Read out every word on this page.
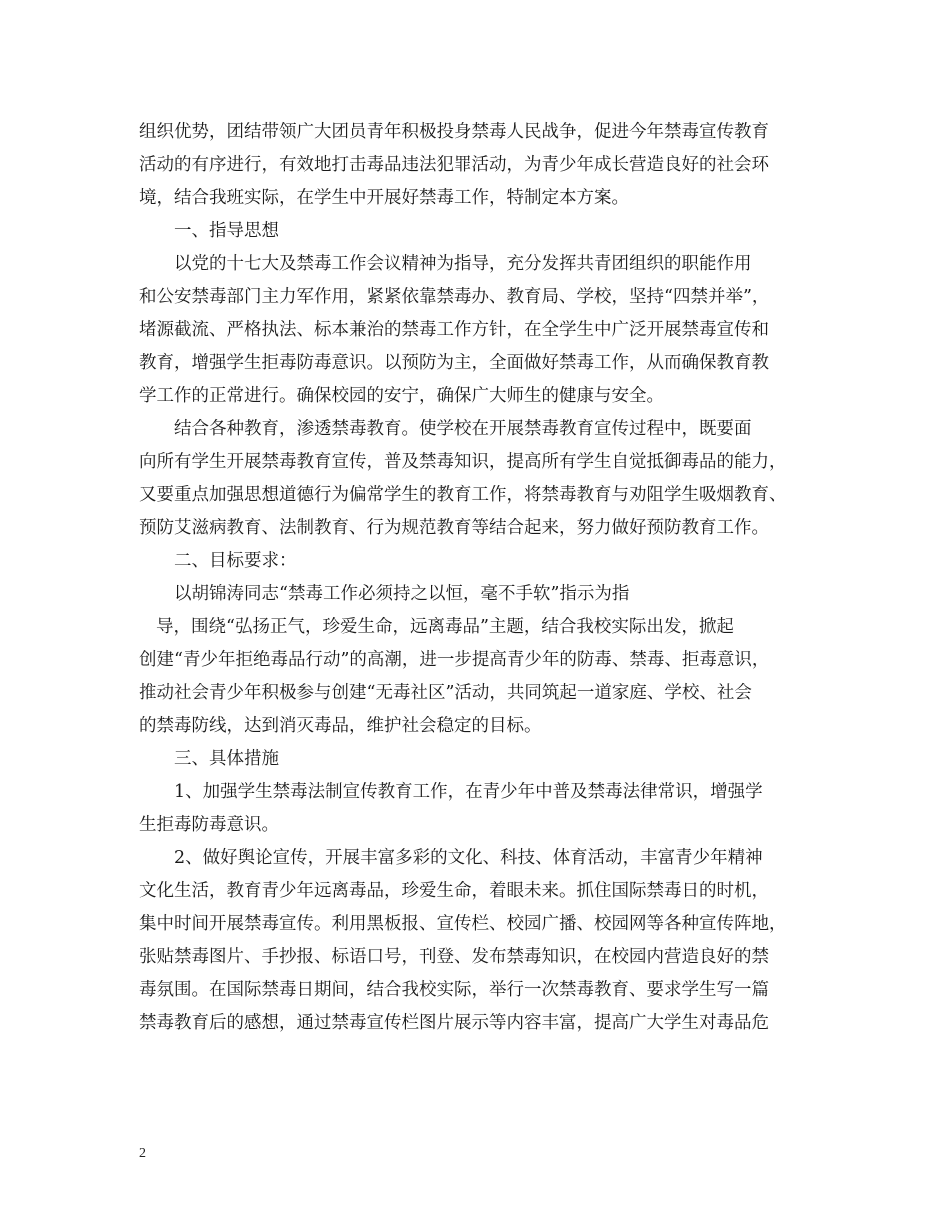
组织优势，团结带领广大团员青年积极投身禁毒人民战争，促进今年禁毒宣传教育
活动的有序进行，有效地打击毒品违法犯罪活动，为青少年成长营造良好的社会环
境，结合我班实际，在学生中开展好禁毒工作，特制定本方案。
一、指导思想
以党的十七大及禁毒工作会议精神为指导，充分发挥共青团组织的职能作用
和公安禁毒部门主力军作用，紧紧依靠禁毒办、教育局、学校，坚持“四禁并举”，
堵源截流、严格执法、标本兼治的禁毒工作方针，在全学生中广泛开展禁毒宣传和
教育，增强学生拒毒防毒意识。以预防为主，全面做好禁毒工作，从而确保教育教
学工作的正常进行。确保校园的安宁，确保广大师生的健康与安全。
结合各种教育，渗透禁毒教育。使学校在开展禁毒教育宣传过程中，既要面
向所有学生开展禁毒教育宣传，普及禁毒知识，提高所有学生自觉抵御毒品的能力，
又要重点加强思想道德行为偏常学生的教育工作，将禁毒教育与劝阻学生吸烟教育、
预防艾滋病教育、法制教育、行为规范教育等结合起来，努力做好预防教育工作。
二、目标要求：
以胡锦涛同志“禁毒工作必须持之以恒，毫不手软”指示为指
导，围绕“弘扬正气，珍爱生命，远离毒品”主题，结合我校实际出发，掀起
创建“青少年拒绝毒品行动”的高潮，进一步提高青少年的防毒、禁毒、拒毒意识，
推动社会青少年积极参与创建“无毒社区”活动，共同筑起一道家庭、学校、社会
的禁毒防线，达到消灭毒品，维护社会稳定的目标。
三、具体措施
1、加强学生禁毒法制宣传教育工作，在青少年中普及禁毒法律常识，增强学
生拒毒防毒意识。
2、做好舆论宣传，开展丰富多彩的文化、科技、体育活动，丰富青少年精神
文化生活，教育青少年远离毒品，珍爱生命，着眼未来。抓住国际禁毒日的时机，
集中时间开展禁毒宣传。利用黑板报、宣传栏、校园广播、校园网等各种宣传阵地，
张贴禁毒图片、手抄报、标语口号，刊登、发布禁毒知识，在校园内营造良好的禁
毒氛围。在国际禁毒日期间，结合我校实际，举行一次禁毒教育、要求学生写一篇
禁毒教育后的感想，通过禁毒宣传栏图片展示等内容丰富，提高广大学生对毒品危
2
